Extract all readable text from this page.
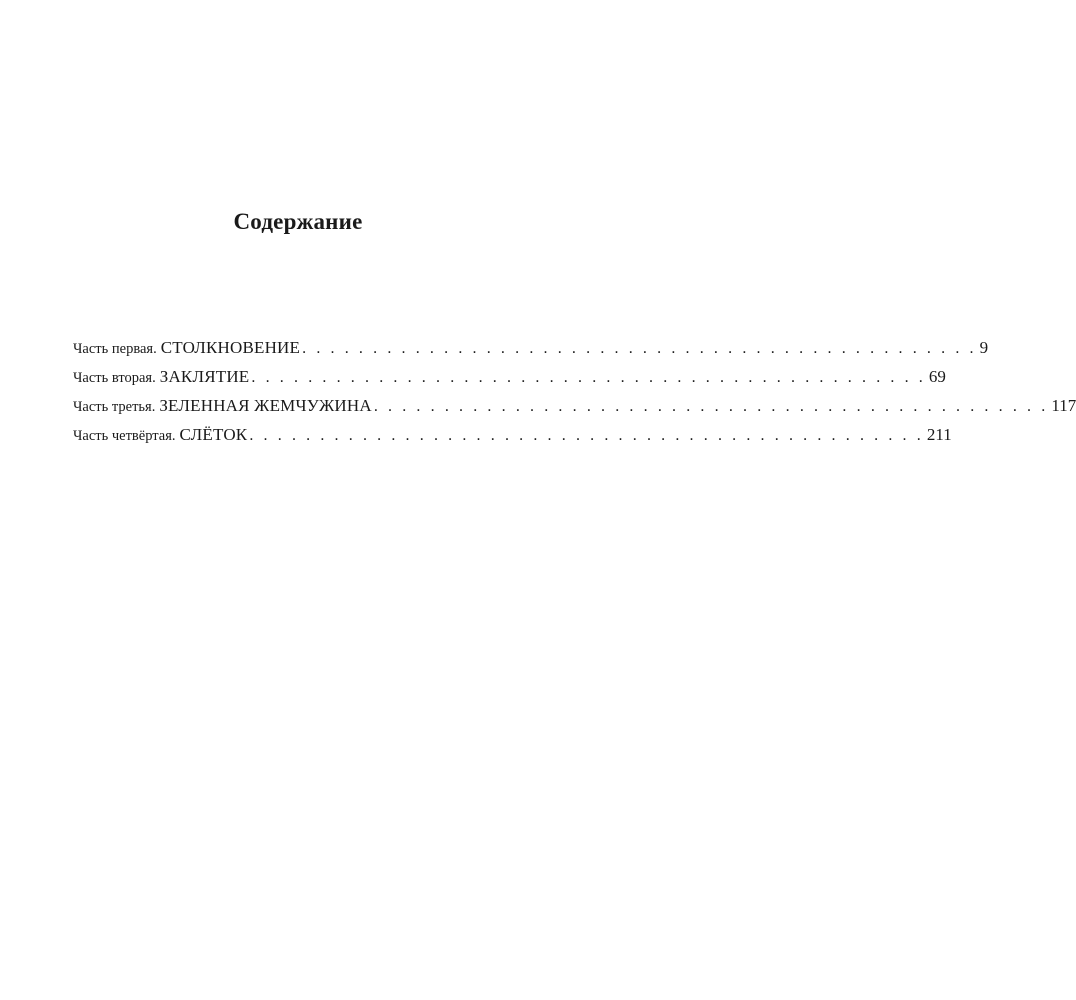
Содержание
Часть первая. СТОЛКНОВЕНИЕ . . . . . . . . . . . . . . . . . . . . . . . . . . . . . . . . . . . . . . . . . . . . . . . . 9
Часть вторая. ЗАКЛЯТИЕ . . . . . . . . . . . . . . . . . . . . . . . . . . . . . . . . . . . . . . . . . . . . . . . . 69
Часть третья. ЗЕЛЕННАЯ ЖЕМЧУЖИНА . . . . . . . . . . . . . . . . . . . . . . . . . . . . . . . . . . . . . . . . . . . . . . . . 117
Часть четвёртая. СЛЁТОК . . . . . . . . . . . . . . . . . . . . . . . . . . . . . . . . . . . . . . . . . . . . . . . . 211
